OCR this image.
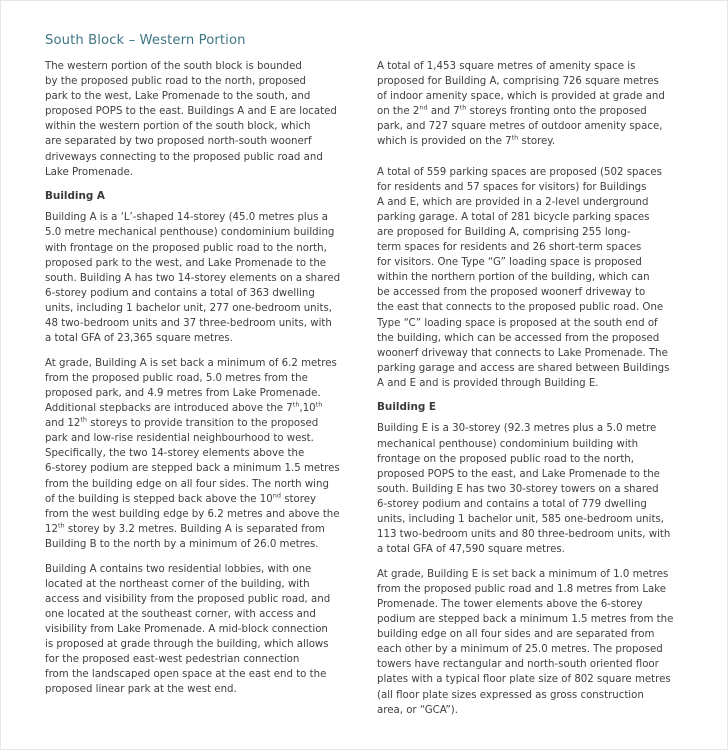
South Block – Western Portion

The western portion of the south block is bounded
by the proposed public road to the north, proposed
park to the west, Lake Promenade to the south, and
proposed POPS to the east. Buildings A and E are located
within the western portion of the south block, which
are separated by two proposed north-south woonerf
driveways connecting to the proposed public road and
Lake Promenade.

Building A

Building A is a ‘L’-shaped 14-storey (45.0 metres plus a
5.0 metre mechanical penthouse) condominium building
with frontage on the proposed public road to the north,
proposed park to the west, and Lake Promenade to the
south. Building A has two 14-storey elements on a shared
6-storey podium and contains a total of 363 dwelling
units, including 1 bachelor unit, 277 one-bedroom units,
48 two-bedroom units and 37 three-bedroom units, with
a total GFA of 23,365 square metres.

At grade, Building A is set back a minimum of 6.2 metres
from the proposed public road, 5.0 metres from the
proposed park, and 4.9 metres from Lake Promenade.
Additional stepbacks are introduced above the 7th,10th
and 12th storeys to provide transition to the proposed
park and low-rise residential neighbourhood to west.
Specifically, the two 14-storey elements above the
6-storey podium are stepped back a minimum 1.5 metres
from the building edge on all four sides. The north wing
of the building is stepped back above the 10nd storey
from the west building edge by 6.2 metres and above the
12th storey by 3.2 metres. Building A is separated from
Building B to the north by a minimum of 26.0 metres.

Building A contains two residential lobbies, with one
located at the northeast corner of the building, with
access and visibility from the proposed public road, and
one located at the southeast corner, with access and
visibility from Lake Promenade. A mid-block connection
is proposed at grade through the building, which allows
for the proposed east-west pedestrian connection
from the landscaped open space at the east end to the
proposed linear park at the west end.

A total of 1,453 square metres of amenity space is
proposed for Building A, comprising 726 square metres
of indoor amenity space, which is provided at grade and
on the 2nd and 7th storeys fronting onto the proposed
park, and 727 square metres of outdoor amenity space,
which is provided on the 7th storey.

A total of 559 parking spaces are proposed (502 spaces
for residents and 57 spaces for visitors) for Buildings
A and E, which are provided in a 2-level underground
parking garage. A total of 281 bicycle parking spaces
are proposed for Building A, comprising 255 long-
term spaces for residents and 26 short-term spaces
for visitors. One Type “G” loading space is proposed
within the northern portion of the building, which can
be accessed from the proposed woonerf driveway to
the east that connects to the proposed public road. One
Type “C” loading space is proposed at the south end of
the building, which can be accessed from the proposed
woonerf driveway that connects to Lake Promenade. The
parking garage and access are shared between Buildings
A and E and is provided through Building E.

Building E

Building E is a 30-storey (92.3 metres plus a 5.0 metre
mechanical penthouse) condominium building with
frontage on the proposed public road to the north,
proposed POPS to the east, and Lake Promenade to the
south. Building E has two 30-storey towers on a shared
6-storey podium and contains a total of 779 dwelling
units, including 1 bachelor unit, 585 one-bedroom units,
113 two-bedroom units and 80 three-bedroom units, with
a total GFA of 47,590 square metres.

At grade, Building E is set back a minimum of 1.0 metres
from the proposed public road and 1.8 metres from Lake
Promenade. The tower elements above the 6-storey
podium are stepped back a minimum 1.5 metres from the
building edge on all four sides and are separated from
each other by a minimum of 25.0 metres. The proposed
towers have rectangular and north-south oriented floor
plates with a typical floor plate size of 802 square metres
(all floor plate sizes expressed as gross construction
area, or “GCA”).
